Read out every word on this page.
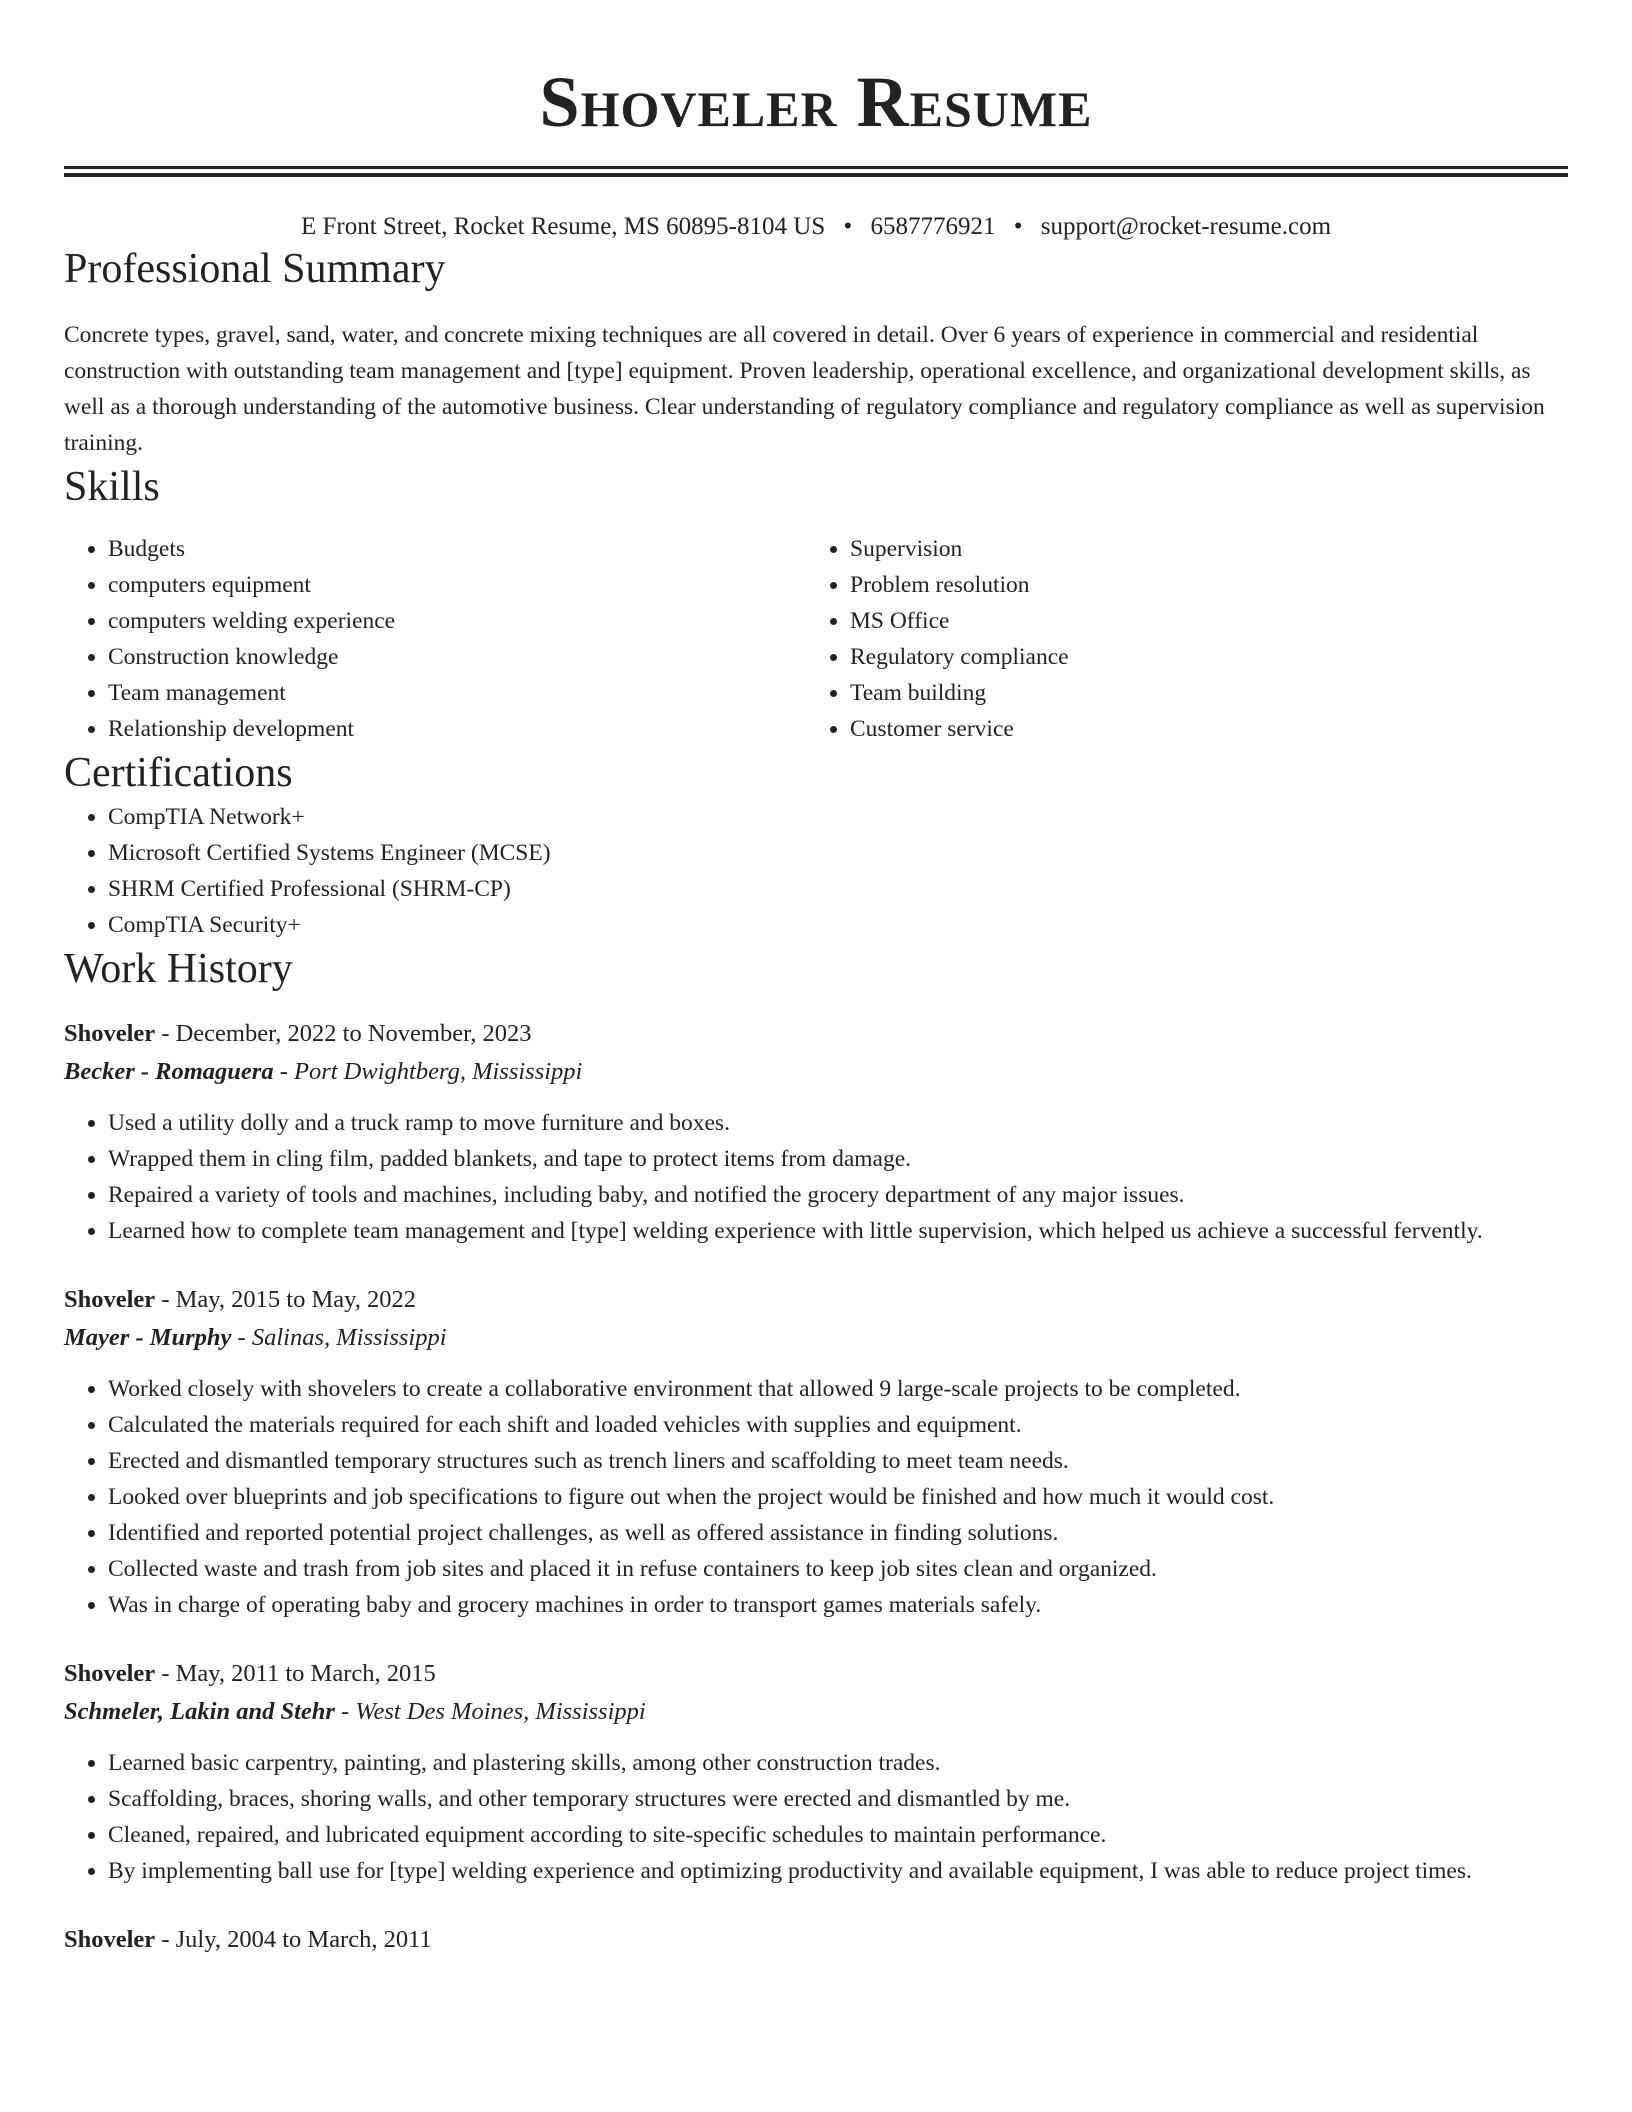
Shoveler Resume
E Front Street, Rocket Resume, MS 60895-8104 US • 6587776921 • support@rocket-resume.com
Professional Summary

Concrete types, gravel, sand, water, and concrete mixing techniques are all covered in detail. Over 6 years of experience in commercial and residential construction with outstanding team management and [type] equipment. Proven leadership, operational excellence, and organizational development skills, as well as a thorough understanding of the automotive business. Clear understanding of regulatory compliance and regulatory compliance as well as supervision training.

Skills
• Budgets
• computers equipment
• computers welding experience
• Construction knowledge
• Team management
• Relationship development
• Supervision
• Problem resolution
• MS Office
• Regulatory compliance
• Team building
• Customer service
Certifications
• CompTIA Network+
• Microsoft Certified Systems Engineer (MCSE)
• SHRM Certified Professional (SHRM-CP)
• CompTIA Security+
Work History
Shoveler - December, 2022 to November, 2023
Becker - Romaguera - Port Dwightberg, Mississippi
• Used a utility dolly and a truck ramp to move furniture and boxes.
• Wrapped them in cling film, padded blankets, and tape to protect items from damage.
• Repaired a variety of tools and machines, including baby, and notified the grocery department of any major issues.
• Learned how to complete team management and [type] welding experience with little supervision, which helped us achieve a successful fervently.
Shoveler - May, 2015 to May, 2022
Mayer - Murphy - Salinas, Mississippi
• Worked closely with shovelers to create a collaborative environment that allowed 9 large-scale projects to be completed.
• Calculated the materials required for each shift and loaded vehicles with supplies and equipment.
• Erected and dismantled temporary structures such as trench liners and scaffolding to meet team needs.
• Looked over blueprints and job specifications to figure out when the project would be finished and how much it would cost.
• Identified and reported potential project challenges, as well as offered assistance in finding solutions.
• Collected waste and trash from job sites and placed it in refuse containers to keep job sites clean and organized.
• Was in charge of operating baby and grocery machines in order to transport games materials safely.
Shoveler - May, 2011 to March, 2015
Schmeler, Lakin and Stehr - West Des Moines, Mississippi
• Learned basic carpentry, painting, and plastering skills, among other construction trades.
• Scaffolding, braces, shoring walls, and other temporary structures were erected and dismantled by me.
• Cleaned, repaired, and lubricated equipment according to site-specific schedules to maintain performance.
• By implementing ball use for [type] welding experience and optimizing productivity and available equipment, I was able to reduce project times.
Shoveler - July, 2004 to March, 2011
